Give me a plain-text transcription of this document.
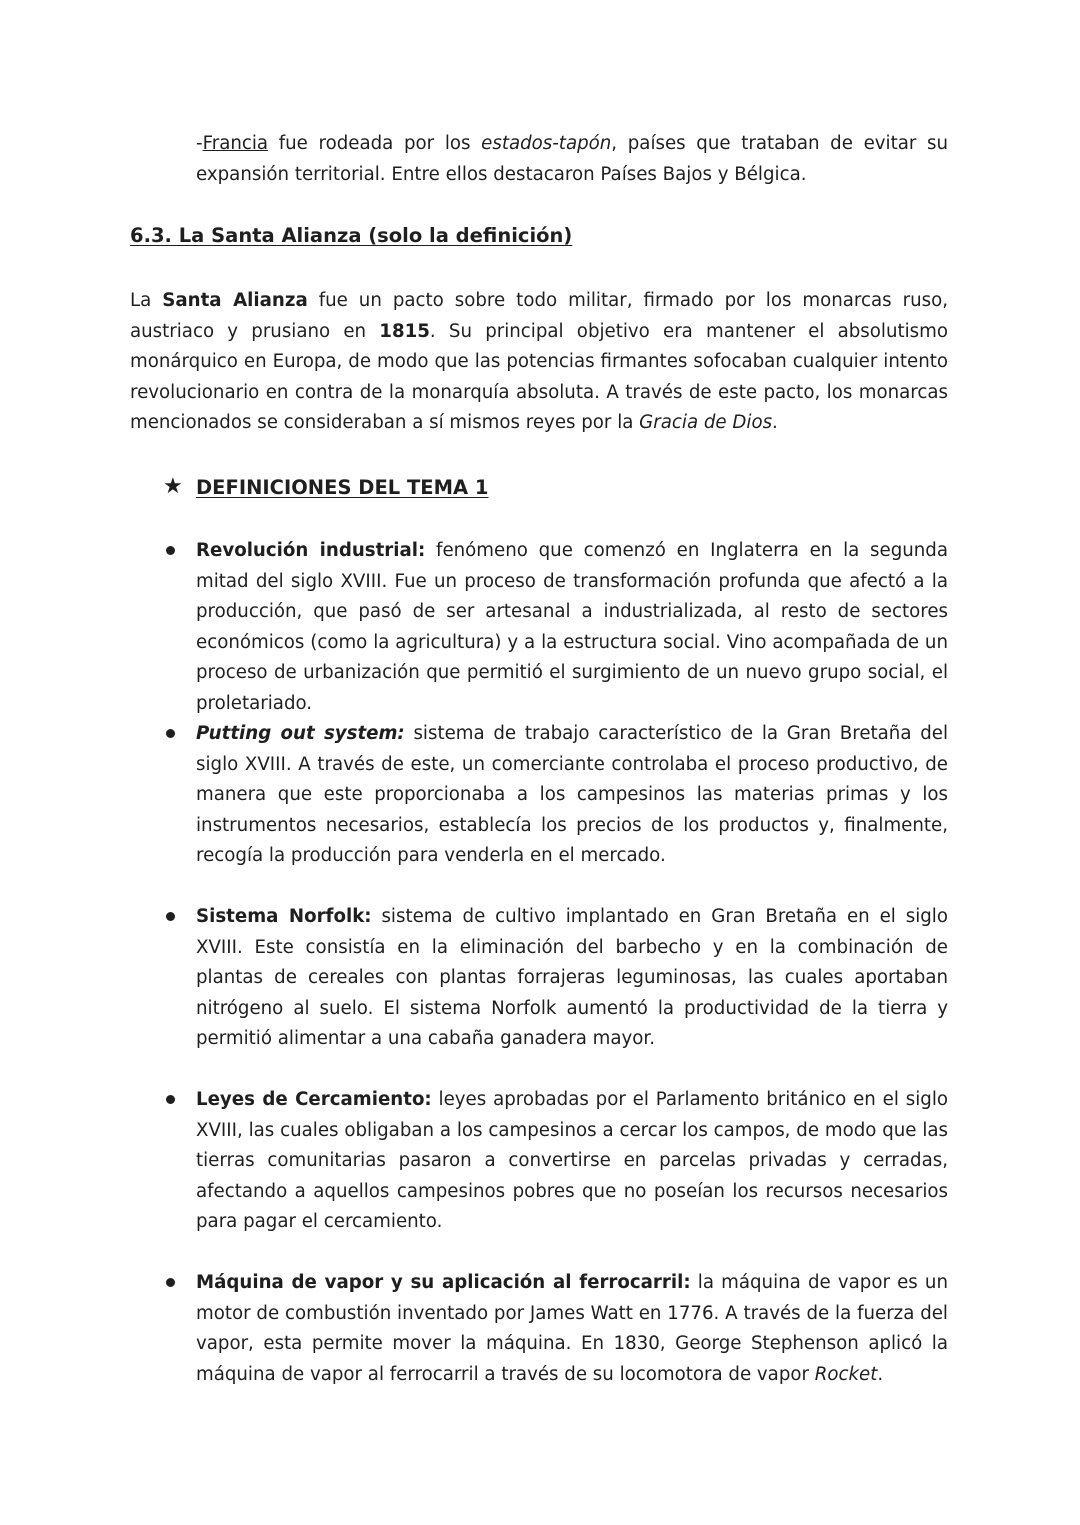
-Francia fue rodeada por los estados-tapón, países que trataban de evitar su expansión territorial. Entre ellos destacaron Países Bajos y Bélgica.
6.3. La Santa Alianza (solo la definición)
La Santa Alianza fue un pacto sobre todo militar, firmado por los monarcas ruso, austriaco y prusiano en 1815. Su principal objetivo era mantener el absolutismo monárquico en Europa, de modo que las potencias firmantes sofocaban cualquier intento revolucionario en contra de la monarquía absoluta. A través de este pacto, los monarcas mencionados se consideraban a sí mismos reyes por la Gracia de Dios.
★ DEFINICIONES DEL TEMA 1
Revolución industrial: fenómeno que comenzó en Inglaterra en la segunda mitad del siglo XVIII. Fue un proceso de transformación profunda que afectó a la producción, que pasó de ser artesanal a industrializada, al resto de sectores económicos (como la agricultura) y a la estructura social. Vino acompañada de un proceso de urbanización que permitió el surgimiento de un nuevo grupo social, el proletariado.
Putting out system: sistema de trabajo característico de la Gran Bretaña del siglo XVIII. A través de este, un comerciante controlaba el proceso productivo, de manera que este proporcionaba a los campesinos las materias primas y los instrumentos necesarios, establecía los precios de los productos y, finalmente, recogía la producción para venderla en el mercado.
Sistema Norfolk: sistema de cultivo implantado en Gran Bretaña en el siglo XVIII. Este consistía en la eliminación del barbecho y en la combinación de plantas de cereales con plantas forrajeras leguminosas, las cuales aportaban nitrógeno al suelo. El sistema Norfolk aumentó la productividad de la tierra y permitió alimentar a una cabaña ganadera mayor.
Leyes de Cercamiento: leyes aprobadas por el Parlamento británico en el siglo XVIII, las cuales obligaban a los campesinos a cercar los campos, de modo que las tierras comunitarias pasaron a convertirse en parcelas privadas y cerradas, afectando a aquellos campesinos pobres que no poseían los recursos necesarios para pagar el cercamiento.
Máquina de vapor y su aplicación al ferrocarril: la máquina de vapor es un motor de combustión inventado por James Watt en 1776. A través de la fuerza del vapor, esta permite mover la máquina. En 1830, George Stephenson aplicó la máquina de vapor al ferrocarril a través de su locomotora de vapor Rocket.
